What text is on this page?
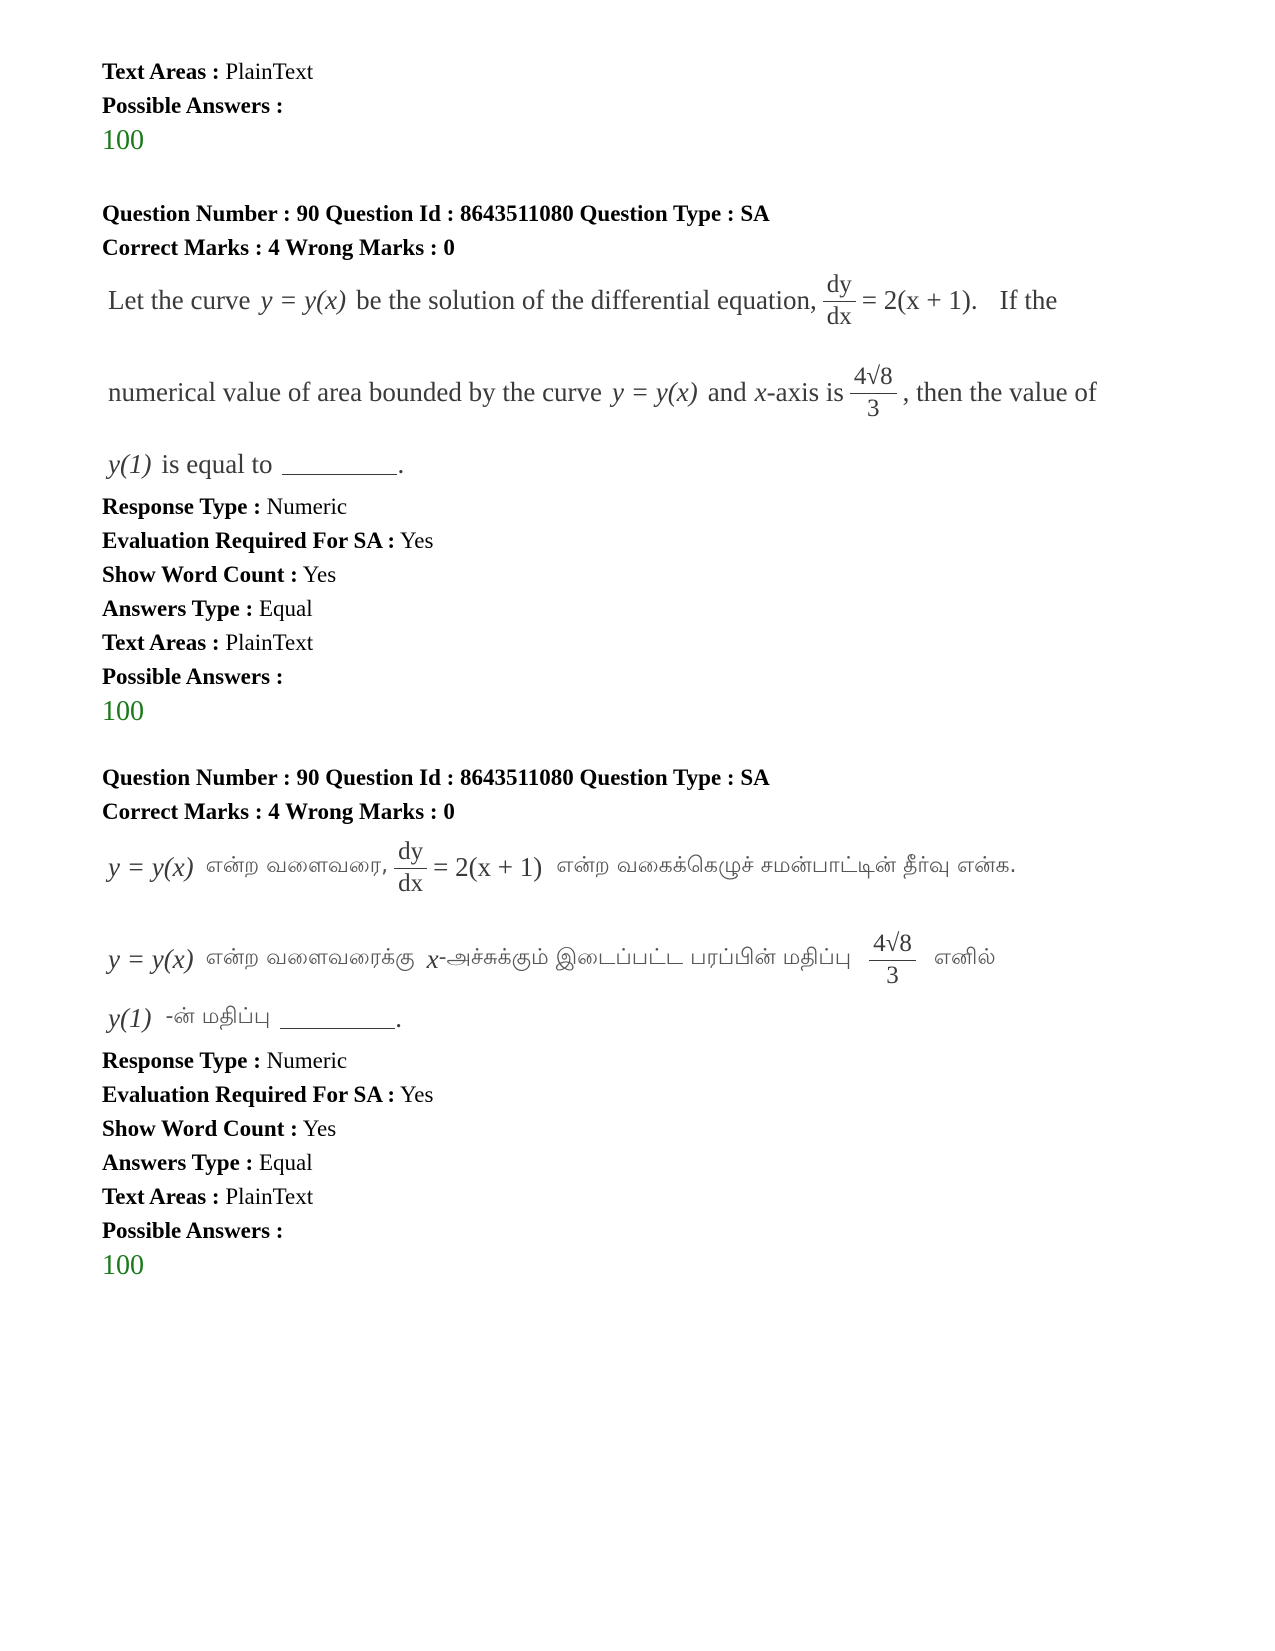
Text Areas : PlainText
Possible Answers :
100
Question Number : 90 Question Id : 8643511080 Question Type : SA
Correct Marks : 4 Wrong Marks : 0
Let the curve y = y(x) be the solution of the differential equation, $\frac{dy}{dx} = 2(x + 1)$. If the
numerical value of area bounded by the curve y = y(x) and x -axis is $\frac{4√8}{3}$ , then the value of
y(1) is equal to	.
Response Type : Numeric
Evaluation Required For SA : Yes
Show Word Count : Yes
Answers Type : Equal
Text Areas : PlainText
Possible Answers :
100
Question Number : 90 Question Id : 8643511080 Question Type : SA
Correct Marks : 4 Wrong Marks : 0
y = y(x) என்ற வளைவரை, $\frac{dy}{dx} = 2(x + 1)$ என்ற வகைக்கெழுச் சமன்பாட்டின் தீர்வு என்க.
y = y(x) என்ற வளைவரைக்கு x -அச்சுக்கும் இடைப்பட்ட பரப்பின் மதிப்பு $\frac{4√8}{3}$ எனில்
y(1) -ன் மதிப்பு	.
Response Type : Numeric
Evaluation Required For SA : Yes
Show Word Count : Yes
Answers Type : Equal
Text Areas : PlainText
Possible Answers :
100
